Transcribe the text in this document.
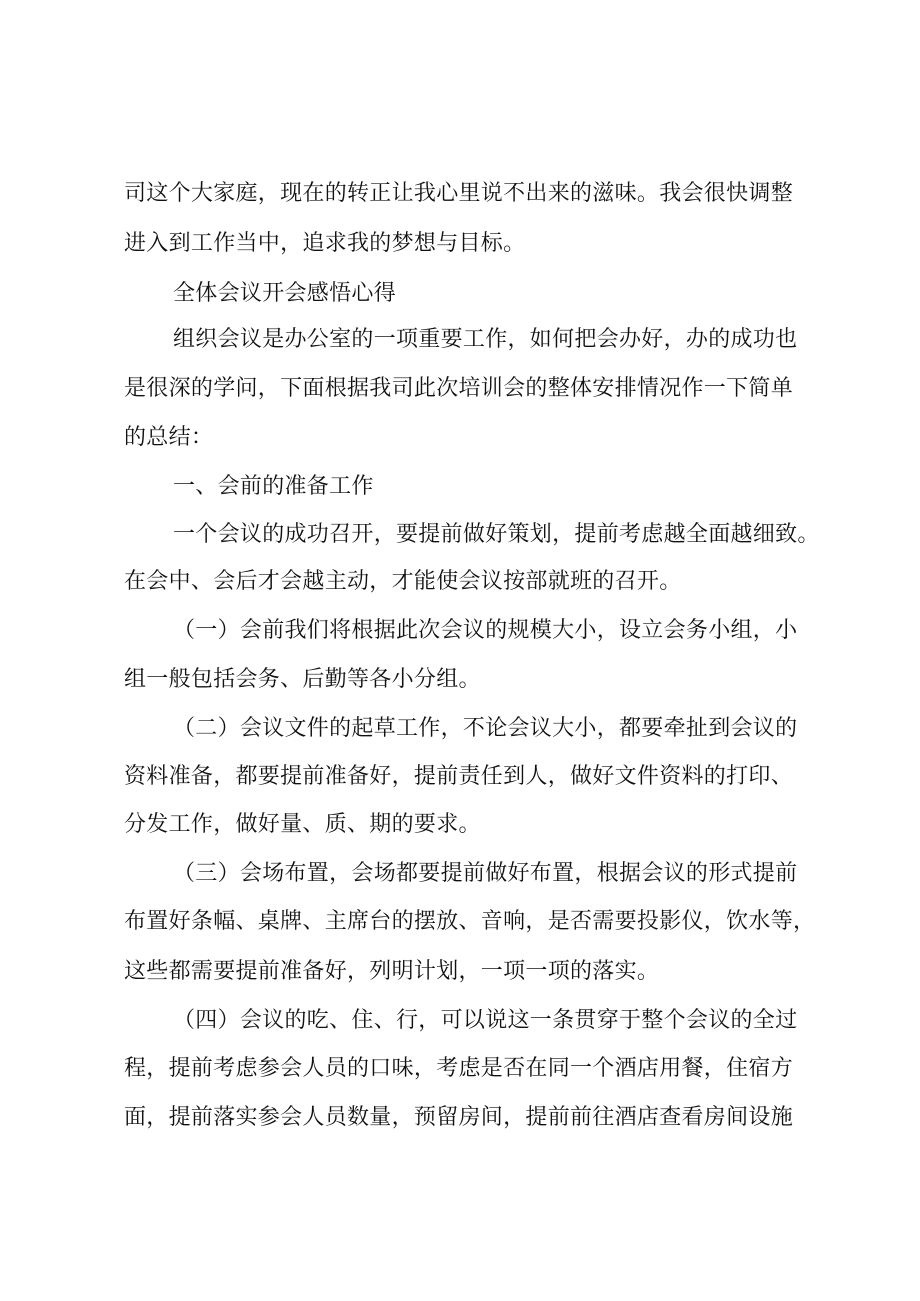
司这个大家庭，现在的转正让我心里说不出来的滋味。我会很快调整

进入到工作当中，追求我的梦想与目标。

全体会议开会感悟心得

组织会议是办公室的一项重要工作，如何把会办好，办的成功也

是很深的学问，下面根据我司此次培训会的整体安排情况作一下简单

的总结：

一、会前的准备工作

一个会议的成功召开，要提前做好策划，提前考虑越全面越细致。

在会中、会后才会越主动，才能使会议按部就班的召开。

（一）会前我们将根据此次会议的规模大小，设立会务小组，小

组一般包括会务、后勤等各小分组。

（二）会议文件的起草工作，不论会议大小，都要牵扯到会议的

资料准备，都要提前准备好，提前责任到人，做好文件资料的打印、

分发工作，做好量、质、期的要求。

（三）会场布置，会场都要提前做好布置，根据会议的形式提前

布置好条幅、桌牌、主席台的摆放、音响，是否需要投影仪，饮水等，

这些都需要提前准备好，列明计划，一项一项的落实。

（四）会议的吃、住、行，可以说这一条贯穿于整个会议的全过

程，提前考虑参会人员的口味，考虑是否在同一个酒店用餐，住宿方

面，提前落实参会人员数量，预留房间，提前前往酒店查看房间设施
